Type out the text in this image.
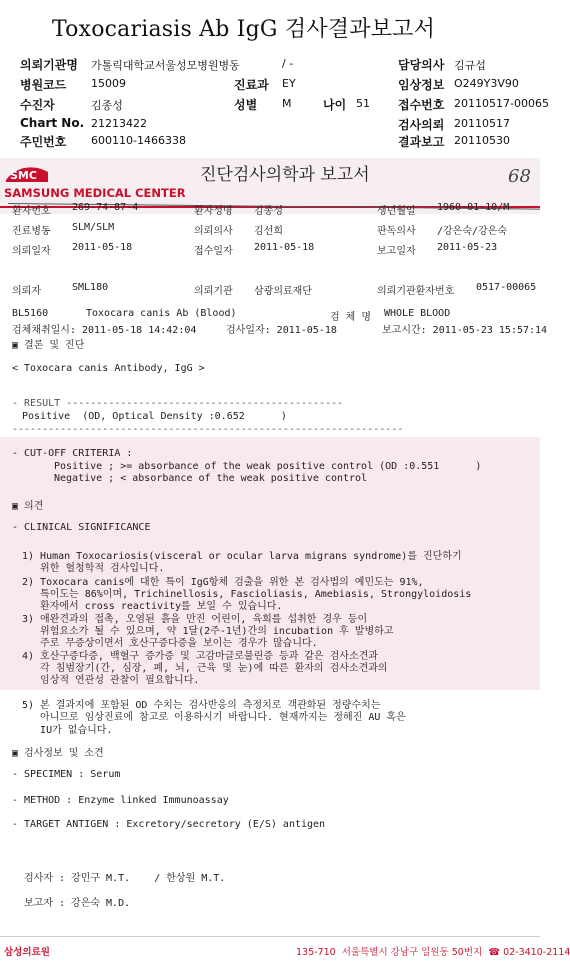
Toxocariasis Ab IgG 검사결과보고서
의뢰기관명 가톨릭대학교서울성모병원병동	/ -	담당의사 김규섭
병원코드 15009	진료과 EY	임상정보 O249Y3V90
수진자	김종성	성별 M	나이 51 접수번호 20110517-00065
Chart No. 21213422	검사의뢰 20110517
주민번호 600110-1466338	결과보고 20110530
SMC
SAMSUNG MEDICAL CENTER
진단검사의학과 보고서	68
환자번호 269-74-87-4	환자성명 김종성	생년월일 1960-01-10/M
진료병동 SLM/SLM	의뢰의사 김선희	판독의사 /강은숙/강은숙
의뢰일자 2011-05-18	접수일자 2011-05-18	보고일자 2011-05-23
의뢰자	SML180	의뢰기관 삼광의료재단	의뢰기관환자번호 0517-00065
BL5160	Toxocara canis Ab (Blood)	검 체 명 WHOLE BLOOD
검체채취일시: 2011-05-18 14:42:04	검사일자: 2011-05-18	보고시간: 2011-05-23 15:57:14
▣ 결론 및 진단
< Toxocara canis Antibody, IgG >
- RESULT ----------------------------------------------
Positive  (OD, Optical Density :0.652      )
-----------------------------------------------------------------
- CUT-OFF CRITERIA :
Positive ; >= absorbance of the weak positive control (OD :0.551      )
Negative ; < absorbance of the weak positive control
▣ 의견
- CLINICAL SIGNIFICANCE
1) Human Toxocariosis(visceral or ocular larva migrans syndrome)를 진단하기
위한 혈청학적 검사입니다.
2) Toxocara canis에 대한 특이 IgG항체 검출을 위한 본 검사법의 예민도는 91%,
특이도는 86%이며, Trichinellosis, Fascioliasis, Amebiasis, Strongyloidosis
환자에서 cross reactivity를 보일 수 있습니다.
3) 애완견과의 접촉, 오염된 흙을 만진 어린이, 육회를 섭취한 경우 등이
위험요소가 될 수 있으며, 약 1달(2주-1년)간의 incubation 후 발병하고
주로 무증상이면서 호산구증다증을 보이는 경우가 많습니다.
4) 호산구증다증, 백혈구 증가증 및 고감마글로불린증 등과 같은 검사소견과
각 침범장기(간, 심장, 폐, 뇌, 근육 및 눈)에 따른 환자의 검사소견과의
임상적 연관성 관찰이 필요합니다.
5) 본 결과지에 포함된 OD 수치는 검사반응의 측정치로 객관화된 정량수치는
아니므로 임상진료에 참고로 이용하시기 바랍니다. 현재까지는 정해진 AU 혹은
IU가 없습니다.
▣ 검사정보 및 소견
- SPECIMEN : Serum
- METHOD : Enzyme linked Immunoassay
- TARGET ANTIGEN : Excretory/secretory (E/S) antigen
검사자 : 강민구 M.T.    / 한상원 M.T.
보고자 : 강은숙 M.D.
삼성의료원	135-710  서울특별시 강남구 일원동 50번지  ☎ 02-3410-2114
